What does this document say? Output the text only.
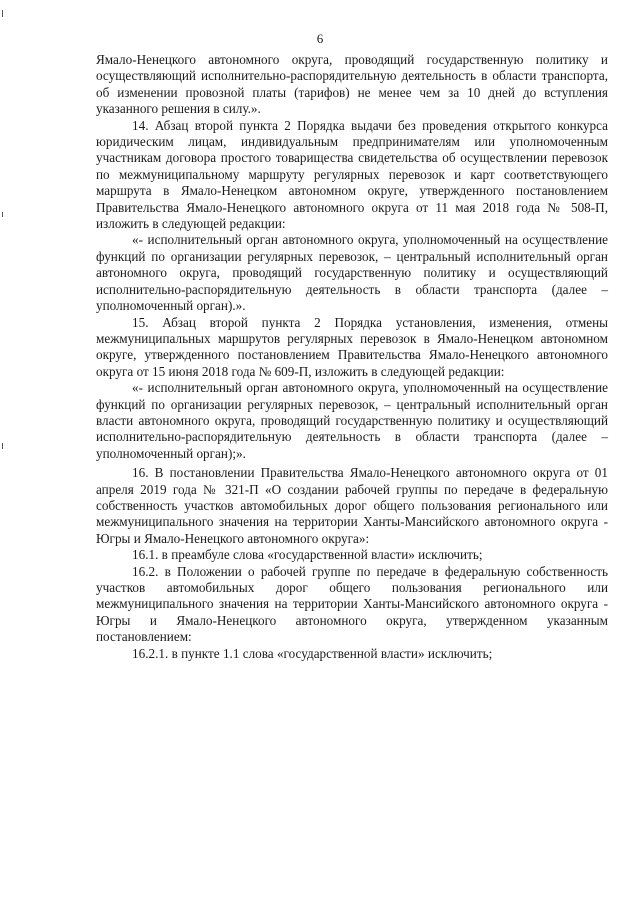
6

Ямало-Ненецкого автономного округа, проводящий государственную политику и осуществляющий исполнительно-распорядительную деятельность в области транспорта, об изменении провозной платы (тарифов) не менее чем за 10 дней до вступления указанного решения в силу.».

14. Абзац второй пункта 2 Порядка выдачи без проведения открытого конкурса юридическим лицам, индивидуальным предпринимателям или уполномоченным участникам договора простого товарищества свидетельства об осуществлении перевозок по межмуниципальному маршруту регулярных перевозок и карт соответствующего маршрута в Ямало-Ненецком автономном округе, утвержденного постановлением Правительства Ямало-Ненецкого автономного округа от 11 мая 2018 года № 508-П, изложить в следующей редакции:

«- исполнительный орган автономного округа, уполномоченный на осуществление функций по организации регулярных перевозок, – центральный исполнительный орган автономного округа, проводящий государственную политику и осуществляющий исполнительно-распорядительную деятельность в области транспорта (далее – уполномоченный орган).».

15. Абзац второй пункта 2 Порядка установления, изменения, отмены межмуниципальных маршрутов регулярных перевозок в Ямало-Ненецком автономном округе, утвержденного постановлением Правительства Ямало-Ненецкого автономного округа от 15 июня 2018 года № 609-П, изложить в следующей редакции:

«- исполнительный орган автономного округа, уполномоченный на осуществление функций по организации регулярных перевозок, – центральный исполнительный орган власти автономного округа, проводящий государственную политику и осуществляющий исполнительно-распорядительную деятельность в области транспорта (далее – уполномоченный орган);».

16. В постановлении Правительства Ямало-Ненецкого автономного округа от 01 апреля 2019 года № 321-П «О создании рабочей группы по передаче в федеральную собственность участков автомобильных дорог общего пользования регионального или межмуниципального значения на территории Ханты-Мансийского автономного округа - Югры и Ямало-Ненецкого автономного округа»:

16.1. в преамбуле слова «государственной власти» исключить;

16.2. в Положении о рабочей группе по передаче в федеральную собственность участков автомобильных дорог общего пользования регионального или межмуниципального значения на территории Ханты-Мансийского автономного округа - Югры и Ямало-Ненецкого автономного округа, утвержденном указанным постановлением:

16.2.1. в пункте 1.1 слова «государственной власти» исключить;
